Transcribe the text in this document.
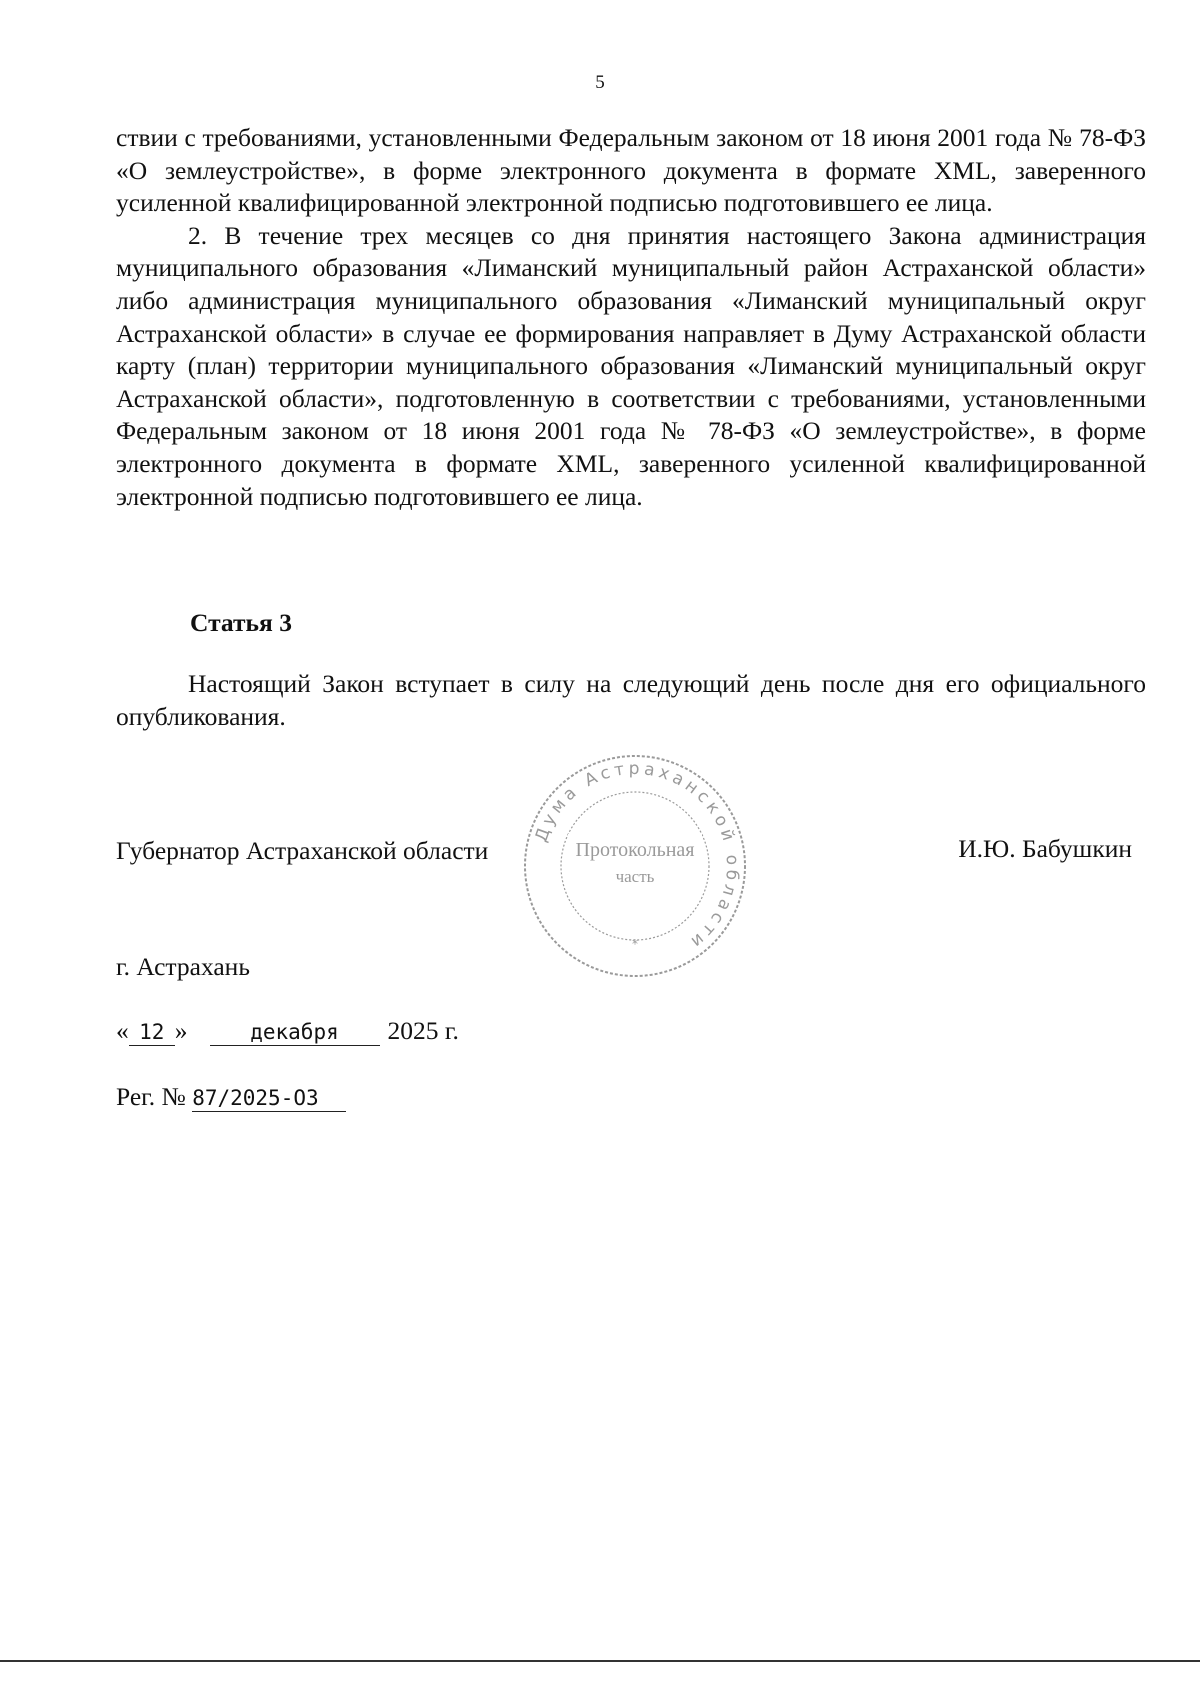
5

ствии с требованиями, установленными Федеральным законом от 18 июня 2001 года № 78-ФЗ «О землеустройстве», в форме электронного документа в формате XML, заверенного усиленной квалифицированной электронной подписью подготовившего ее лица.

2. В течение трех месяцев со дня принятия настоящего Закона администрация муниципального образования «Лиманский муниципальный район Астраханской области» либо администрация муниципального образования «Лиманский муниципальный округ Астраханской области» в случае ее формирования направляет в Думу Астраханской области карту (план) территории муниципального образования «Лиманский муниципальный округ Астраханской области», подготовленную в соответствии с требованиями, установленными Федеральным законом от 18 июня 2001 года № 78-ФЗ «О землеустройстве», в форме электронного документа в формате XML, заверенного усиленной квалифицированной электронной подписью подготовившего ее лица.

Статья 3

Настоящий Закон вступает в силу на следующий день после дня его официального опубликования.

Губернатор Астраханской области
Дума Астраханской области
Протокольная
часть
*
И.Ю. Бабушкин
г. Астрахань
« 12 »	декабря 2025 г.
Рег. № 87/2025-ОЗ
